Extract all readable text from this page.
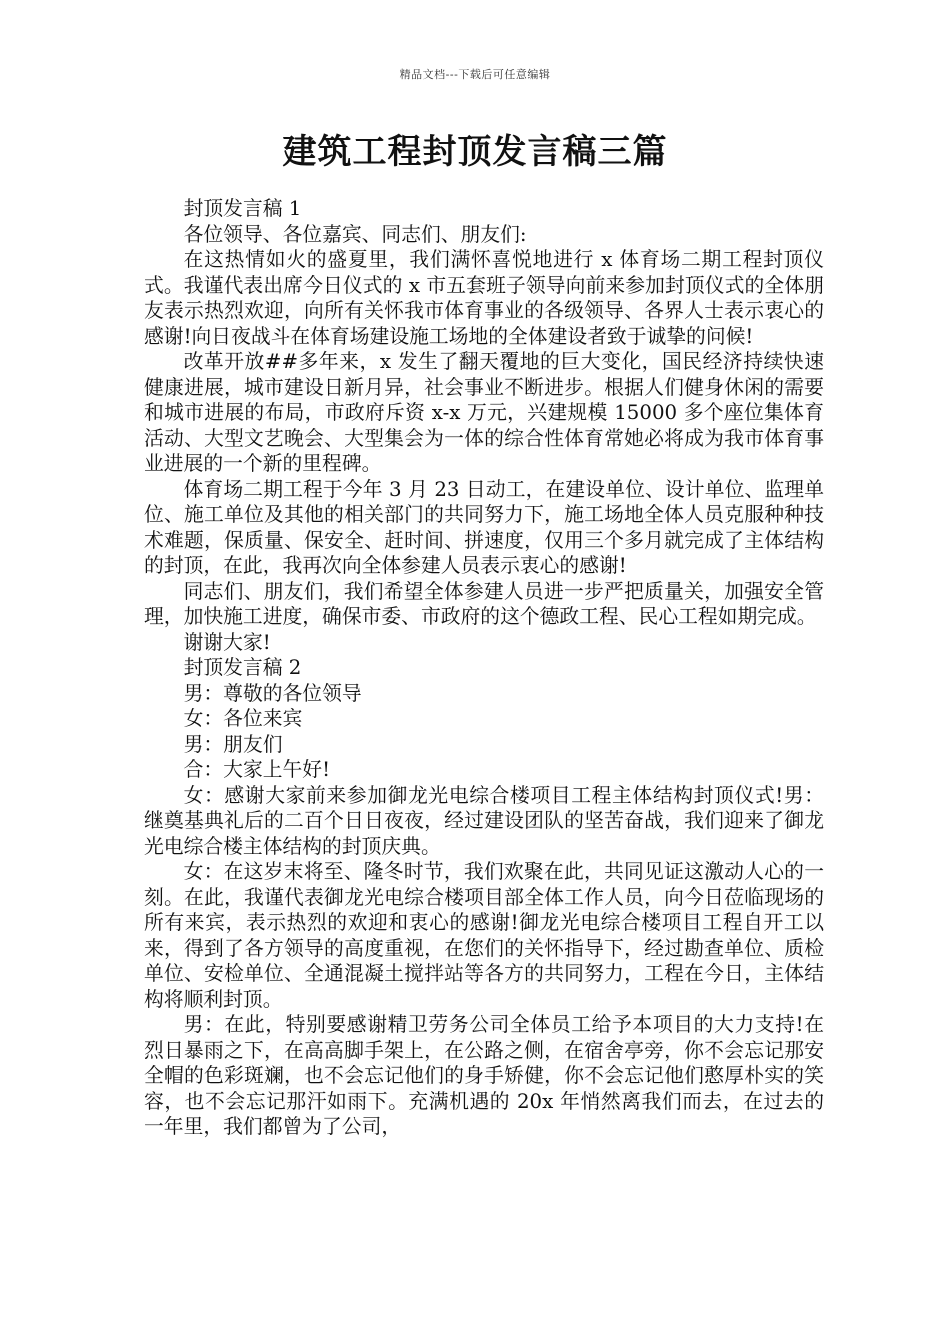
精品文档---下载后可任意编辑
建筑工程封顶发言稿三篇

封顶发言稿 1

各位领导、各位嘉宾、同志们、朋友们:

在这热情如火的盛夏里，我们满怀喜悦地进行 x 体育场二期工程封顶仪式。我谨代表出席今日仪式的 x 市五套班子领导向前来参加封顶仪式的全体朋友表示热烈欢迎，向所有关怀我市体育事业的各级领导、各界人士表示衷心的感谢!向日夜战斗在体育场建设施工场地的全体建设者致于诚挚的问候!

改革开放##多年来，x 发生了翻天覆地的巨大变化，国民经济持续快速健康进展，城市建设日新月异，社会事业不断进步。根据人们健身休闲的需要和城市进展的布局，市政府斥资 x-x 万元，兴建规模 15000 多个座位集体育活动、大型文艺晚会、大型集会为一体的综合性体育常她必将成为我市体育事业进展的一个新的里程碑。

体育场二期工程于今年 3 月 23 日动工，在建设单位、设计单位、监理单位、施工单位及其他的相关部门的共同努力下，施工场地全体人员克服种种技术难题，保质量、保安全、赶时间、拼速度，仅用三个多月就完成了主体结构的封顶，在此，我再次向全体参建人员表示衷心的感谢!

同志们、朋友们，我们希望全体参建人员进一步严把质量关，加强安全管理，加快施工进度，确保市委、市政府的这个德政工程、民心工程如期完成。

谢谢大家!

封顶发言稿 2

男：尊敬的各位领导

女：各位来宾

男：朋友们

合：大家上午好!

女：感谢大家前来参加御龙光电综合楼项目工程主体结构封顶仪式!男：继奠基典礼后的二百个日日夜夜，经过建设团队的坚苦奋战，我们迎来了御龙光电综合楼主体结构的封顶庆典。

女：在这岁末将至、隆冬时节，我们欢聚在此，共同见证这激动人心的一刻。在此，我谨代表御龙光电综合楼项目部全体工作人员，向今日莅临现场的所有来宾，表示热烈的欢迎和衷心的感谢!御龙光电综合楼项目工程自开工以来，得到了各方领导的高度重视，在您们的关怀指导下，经过勘查单位、质检单位、安检单位、全通混凝土搅拌站等各方的共同努力，工程在今日，主体结构将顺利封顶。

男：在此，特别要感谢精卫劳务公司全体员工给予本项目的大力支持!在烈日暴雨之下，在高高脚手架上，在公路之侧，在宿舍亭旁，你不会忘记那安全帽的色彩斑斓，也不会忘记他们的身手矫健，你不会忘记他们憨厚朴实的笑容，也不会忘记那汗如雨下。充满机遇的 20x 年悄然离我们而去，在过去的一年里，我们都曾为了公司，
